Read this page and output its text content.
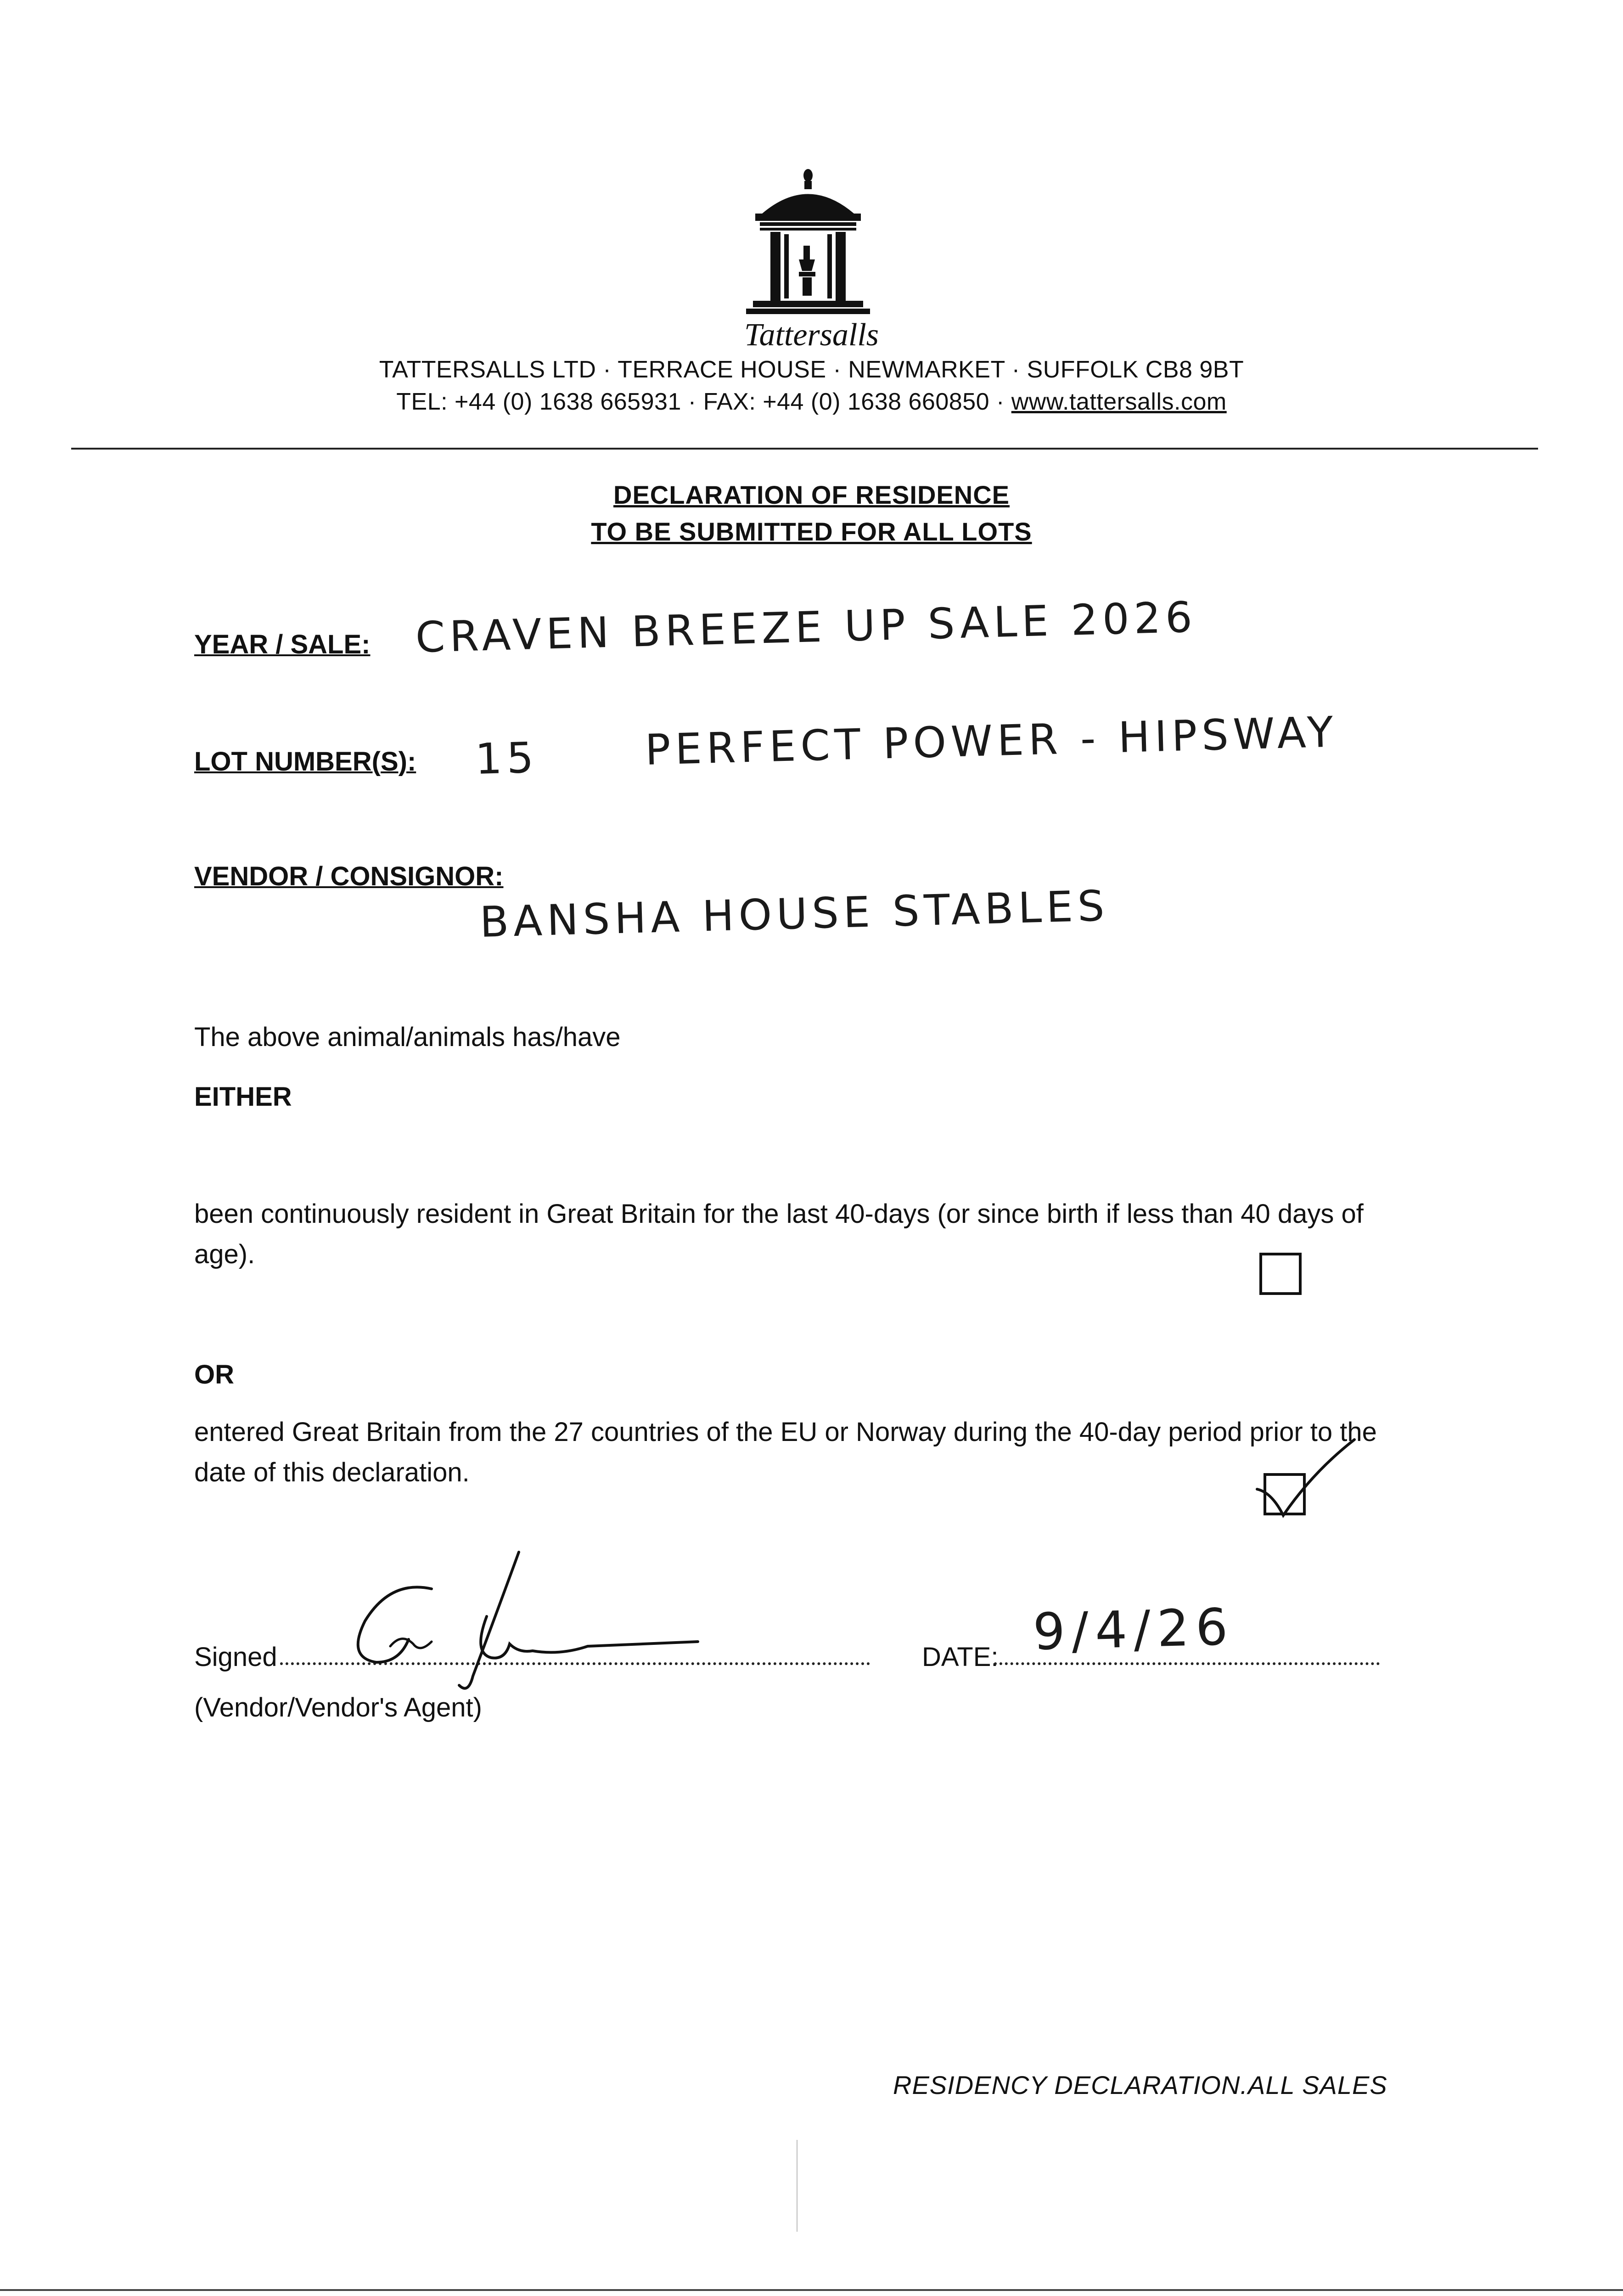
Tattersalls
TATTERSALLS LTD · TERRACE HOUSE · NEWMARKET · SUFFOLK CB8 9BT
TEL: +44 (0) 1638 665931 · FAX: +44 (0) 1638 660850 · www.tattersalls.com
DECLARATION OF RESIDENCE
TO BE SUBMITTED FOR ALL LOTS
YEAR / SALE: CRAVEN BREEZE UP SALE 2026
LOT NUMBER(S): 15	PERFECT POWER - HIPSWAY
VENDOR / CONSIGNOR:
BANSHA HOUSE STABLES
The above animal/animals has/have
EITHER
been continuously resident in Great Britain for the last 40-days (or since birth if less than 40 days of age).
OR
entered Great Britain from the 27 countries of the EU or Norway during the 40-day period prior to the date of this declaration.
Signed
(Vendor/Vendor's Agent)
DATE: 9/4/26
RESIDENCY DECLARATION.ALL SALES
